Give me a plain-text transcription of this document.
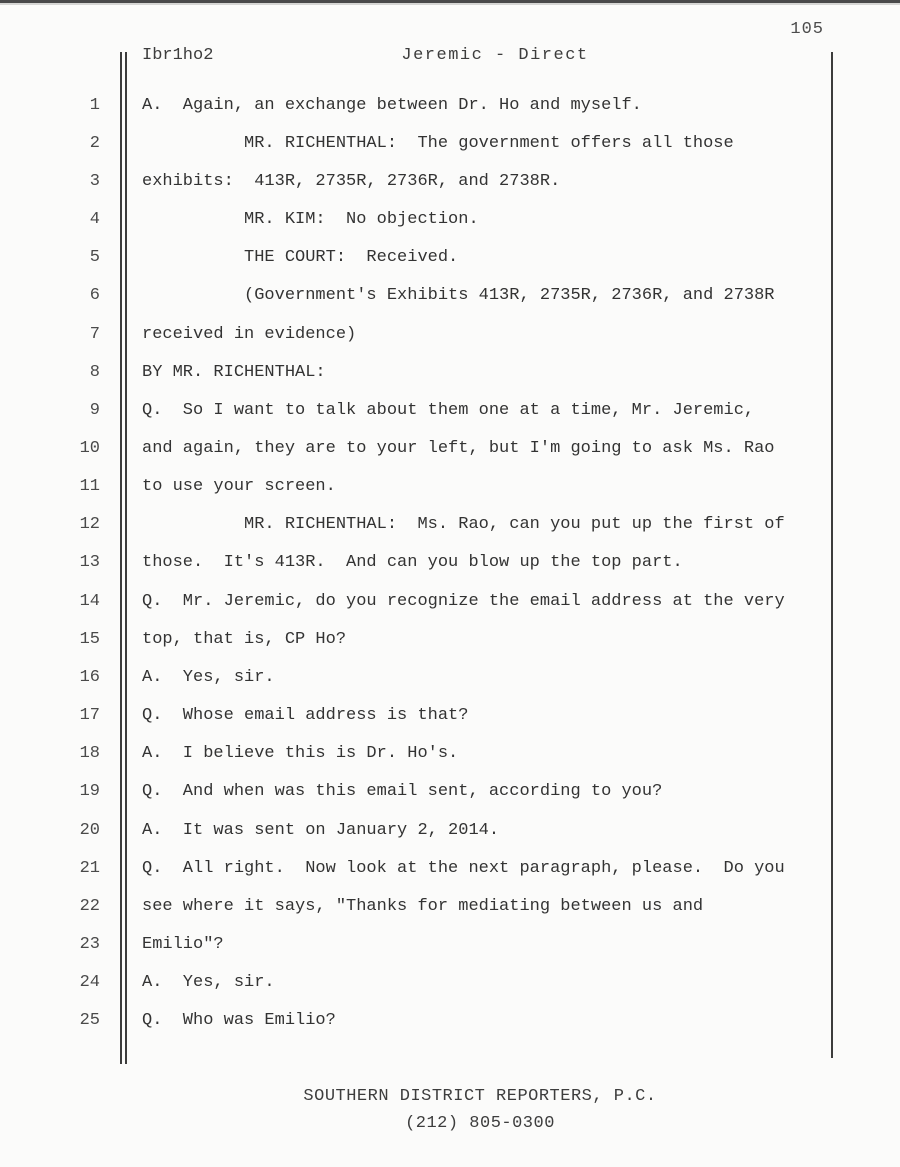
105
Ibr1ho2	Jeremic - Direct
1	A.  Again, an exchange between Dr. Ho and myself.
2	MR. RICHENTHAL:  The government offers all those
3	exhibits:  413R, 2735R, 2736R, and 2738R.
4	MR. KIM:  No objection.
5	THE COURT:  Received.
6	(Government's Exhibits 413R, 2735R, 2736R, and 2738R
7	received in evidence)
8	BY MR. RICHENTHAL:
9	Q.  So I want to talk about them one at a time, Mr. Jeremic,
10	and again, they are to your left, but I'm going to ask Ms. Rao
11	to use your screen.
12	MR. RICHENTHAL:  Ms. Rao, can you put up the first of
13	those.  It's 413R.  And can you blow up the top part.
14	Q.  Mr. Jeremic, do you recognize the email address at the very
15	top, that is, CP Ho?
16	A.  Yes, sir.
17	Q.  Whose email address is that?
18	A.  I believe this is Dr. Ho's.
19	Q.  And when was this email sent, according to you?
20	A.  It was sent on January 2, 2014.
21	Q.  All right.  Now look at the next paragraph, please.  Do you
22	see where it says, "Thanks for mediating between us and
23	Emilio"?
24	A.  Yes, sir.
25	Q.  Who was Emilio?
SOUTHERN DISTRICT REPORTERS, P.C.
(212) 805-0300
